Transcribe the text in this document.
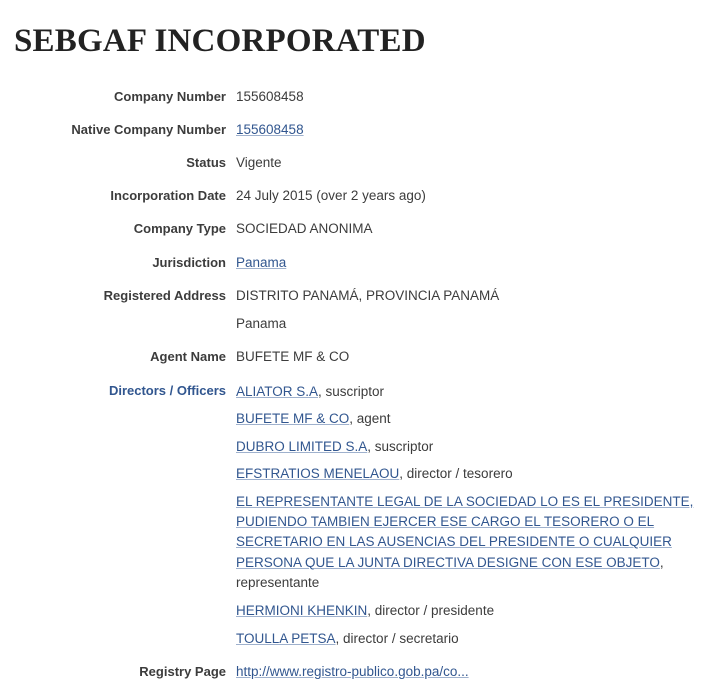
SEBGAF INCORPORATED
Company Number	155608458
Native Company Number	155608458
Status	Vigente
Incorporation Date	24 July 2015 (over 2 years ago)
Company Type	SOCIEDAD ANONIMA
Jurisdiction	Panama
Registered Address	DISTRITO PANAMÁ, PROVINCIA PANAMÁ
Panama

Agent Name	BUFETE MF & CO
Directors / Officers	ALIATOR S.A, suscriptor
BUFETE MF & CO, agent
DUBRO LIMITED S.A, suscriptor
EFSTRATIOS MENELAOU, director / tesorero
EL REPRESENTANTE LEGAL DE LA SOCIEDAD LO ES EL PRESIDENTE, PUDIENDO TAMBIEN EJERCER ESE CARGO EL TESORERO O EL SECRETARIO EN LAS AUSENCIAS DEL PRESIDENTE O CUALQUIER PERSONA QUE LA JUNTA DIRECTIVA DESIGNE CON ESE OBJETO, representante
HERMIONI KHENKIN, director / presidente
TOULLA PETSA, director / secretario

Registry Page	http://www.registro-publico.gob.pa/co...
